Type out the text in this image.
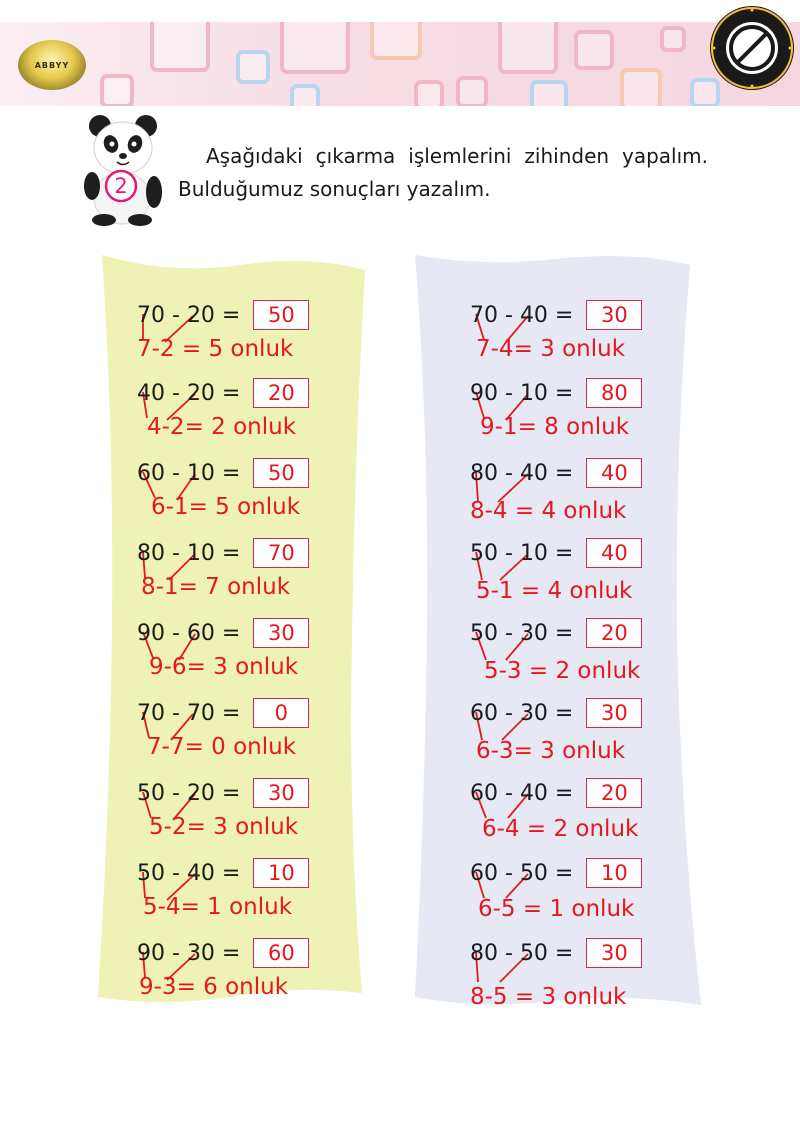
ABBYY
2
Aşağıdaki çıkarma işlemlerini zihinden yapalım.
Bulduğumuz sonuçları yazalım.
70 - 20 = 50
7-2 = 5 onluk
40 - 20 = 20
4-2= 2 onluk
60 - 10 = 50
6-1= 5 onluk
80 - 10 = 70
8-1= 7 onluk
90 - 60 = 30
9-6= 3 onluk
70 - 70 =	0
7-7= 0 onluk
50 - 20 = 30
5-2= 3 onluk
50 - 40 = 10
5-4= 1 onluk
90 - 30 = 60
9-3= 6 onluk
70 - 40 = 30
7-4= 3 onluk
90 - 10 = 80
9-1= 8 onluk
80 - 40 = 40
8-4 = 4 onluk
50 - 10 = 40
5-1 = 4 onluk
50 - 30 = 20
5-3 = 2 onluk
60 - 30 = 30
6-3= 3 onluk
60 - 40 = 20
6-4 = 2 onluk
60 - 50 = 10
6-5 = 1 onluk
80 - 50 = 30
8-5 = 3 onluk
